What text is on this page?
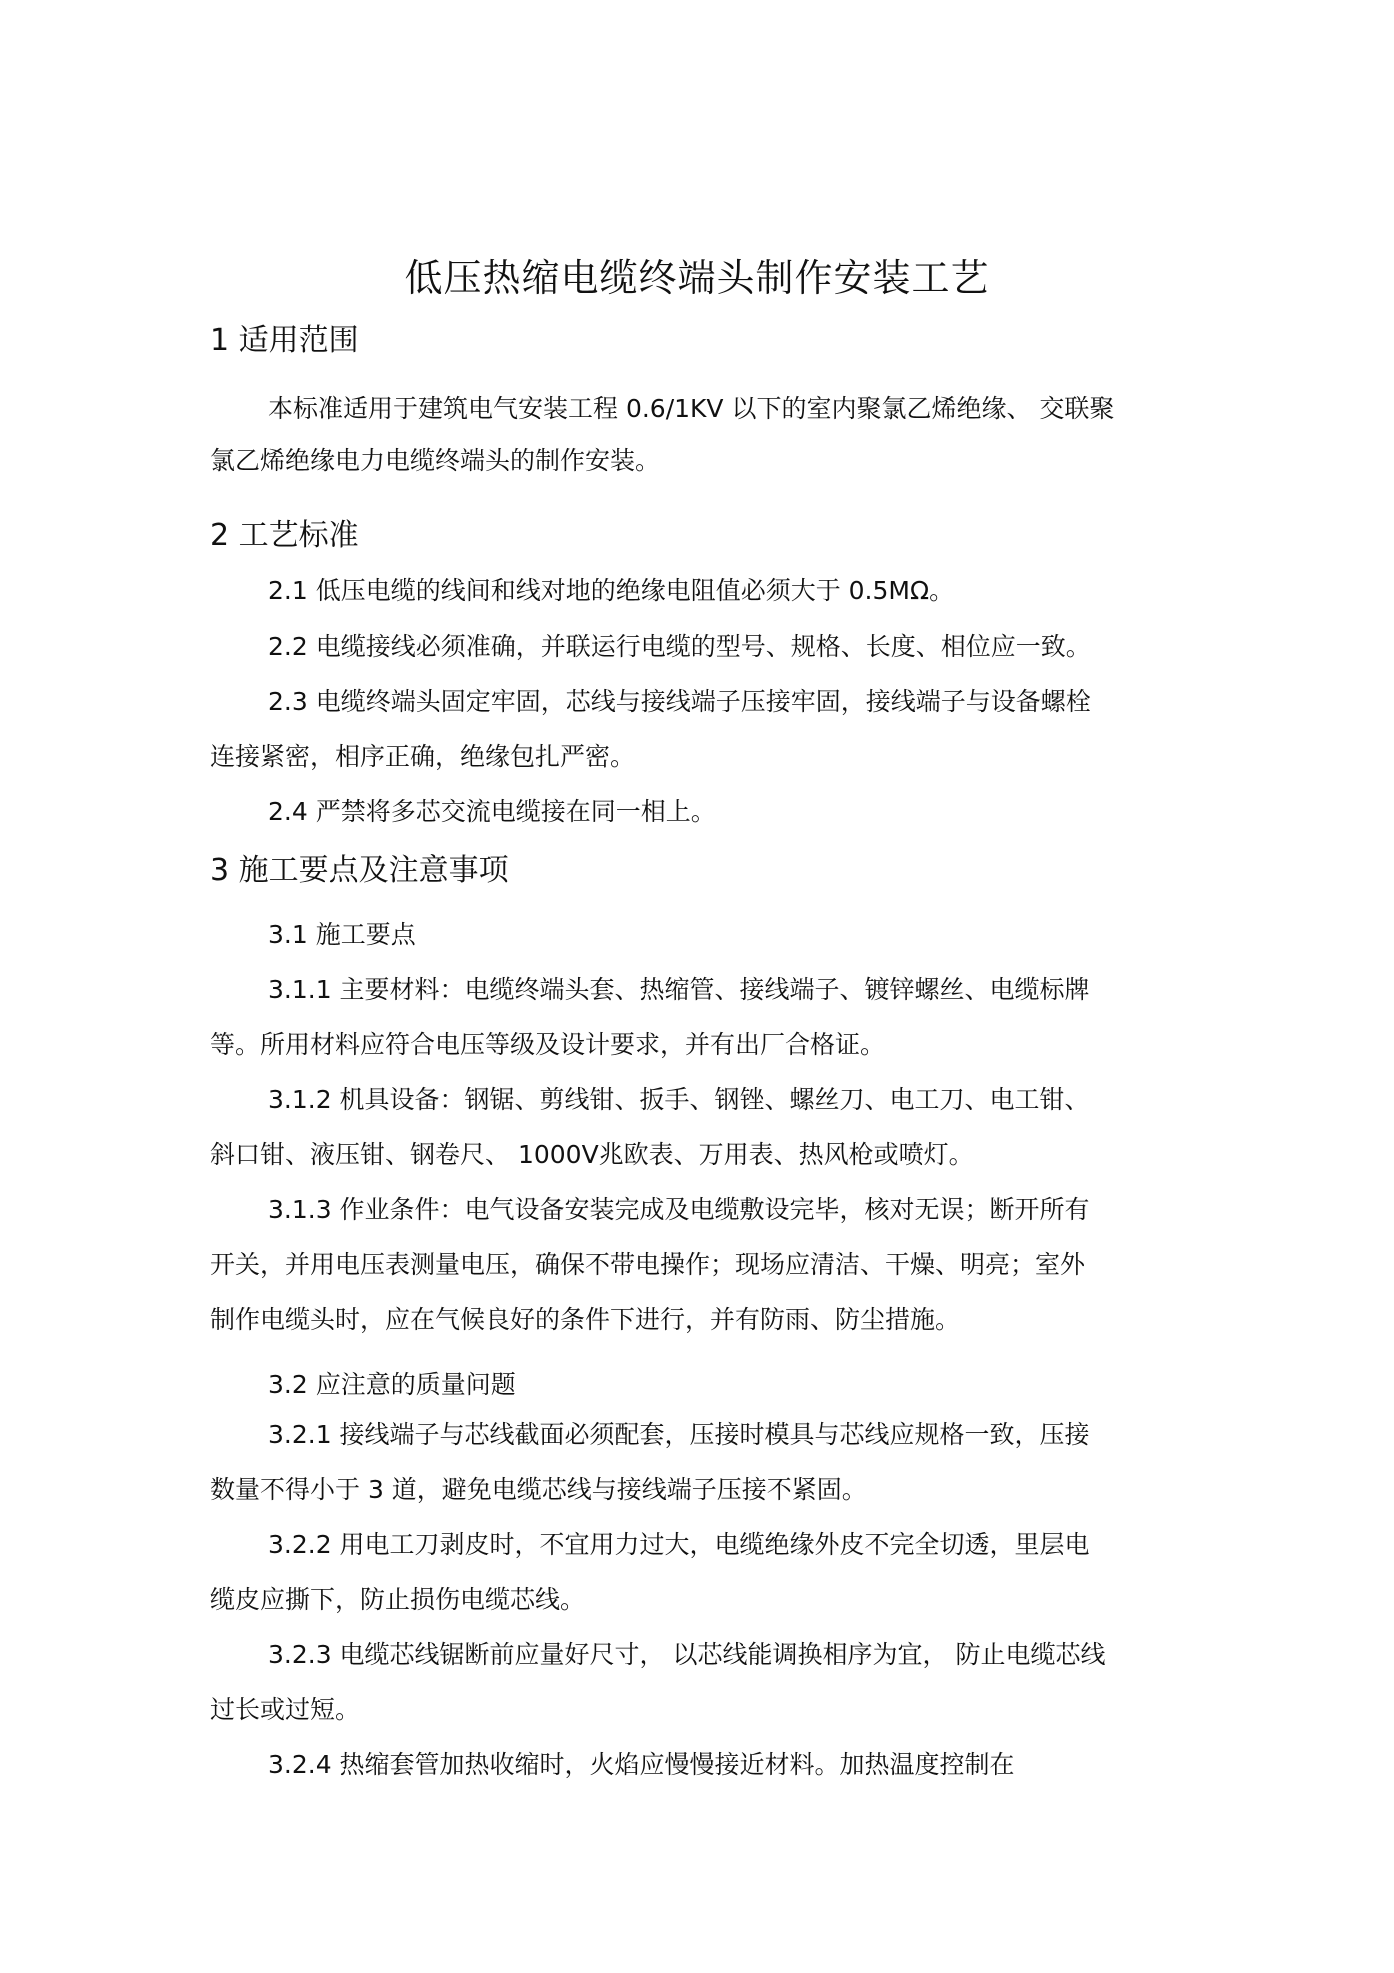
低压热缩电缆终端头制作安装工艺
1 适用范围
本标准适用于建筑电气安装工程 0.6/1KV 以下的室内聚氯乙烯绝缘、 交联聚
氯乙烯绝缘电力电缆终端头的制作安装。
2 工艺标准
2.1 低压电缆的线间和线对地的绝缘电阻值必须大于 0.5MΩ。
2.2 电缆接线必须准确，并联运行电缆的型号、规格、长度、相位应一致。
2.3 电缆终端头固定牢固，芯线与接线端子压接牢固，接线端子与设备螺栓
连接紧密，相序正确，绝缘包扎严密。
2.4 严禁将多芯交流电缆接在同一相上。
3 施工要点及注意事项
3.1 施工要点
3.1.1 主要材料：电缆终端头套、热缩管、接线端子、镀锌螺丝、电缆标牌
等。所用材料应符合电压等级及设计要求，并有出厂合格证。
3.1.2 机具设备：钢锯、剪线钳、扳手、钢锉、螺丝刀、电工刀、电工钳、
斜口钳、液压钳、钢卷尺、 1000V兆欧表、万用表、热风枪或喷灯。
3.1.3 作业条件：电气设备安装完成及电缆敷设完毕，核对无误；断开所有
开关，并用电压表测量电压，确保不带电操作；现场应清洁、干燥、明亮；室外
制作电缆头时，应在气候良好的条件下进行，并有防雨、防尘措施。
3.2 应注意的质量问题
3.2.1 接线端子与芯线截面必须配套，压接时模具与芯线应规格一致，压接
数量不得小于 3 道，避免电缆芯线与接线端子压接不紧固。
3.2.2 用电工刀剥皮时，不宜用力过大，电缆绝缘外皮不完全切透，里层电
缆皮应撕下，防止损伤电缆芯线。
3.2.3 电缆芯线锯断前应量好尺寸， 以芯线能调换相序为宜， 防止电缆芯线
过长或过短。
3.2.4 热缩套管加热收缩时，火焰应慢慢接近材料。加热温度控制在
